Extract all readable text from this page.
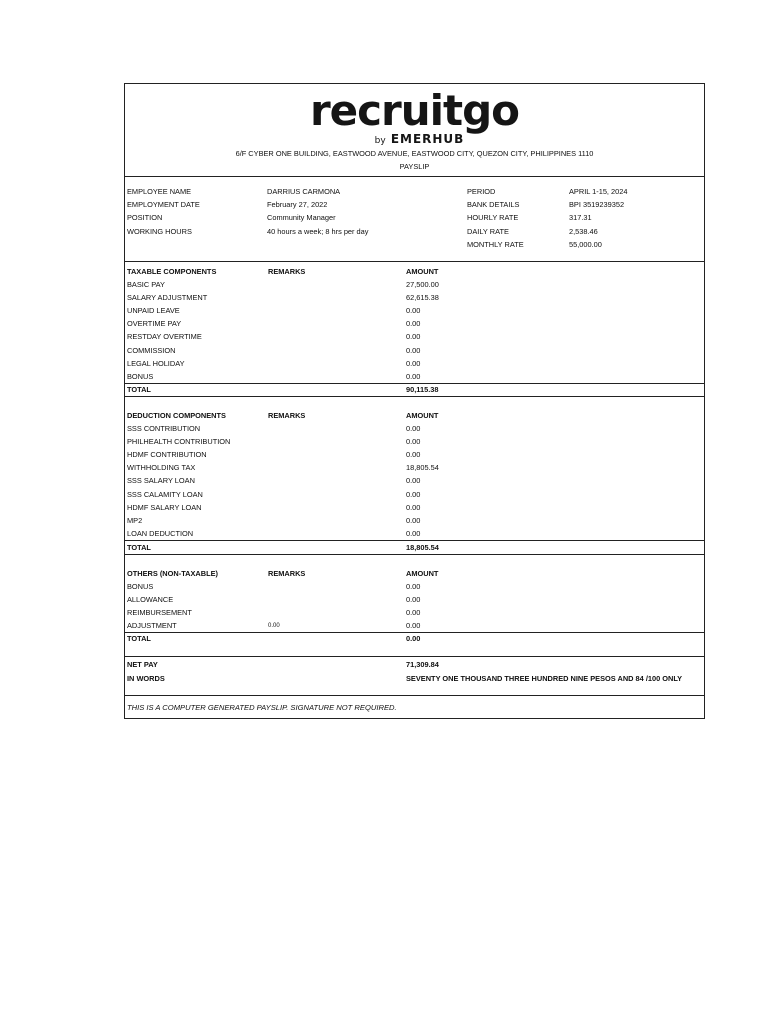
recruitgo
by EMERHUB
6/F CYBER ONE BUILDING, EASTWOOD AVENUE, EASTWOOD CITY, QUEZON CITY, PHILIPPINES 1110
PAYSLIP
EMPLOYEE NAME	DARRIUS CARMONA
EMPLOYMENT DATE	February 27, 2022
POSITION	Community Manager
WORKING HOURS	40 hours a week; 8 hrs per day
PERIOD	APRIL 1-15, 2024
BANK DETAILS	BPI 3519239352
HOURLY RATE	317.31
DAILY RATE	2,538.46
MONTHLY RATE	55,000.00
TAXABLE COMPONENTS	REMARKS	AMOUNT
BASIC PAY	27,500.00
SALARY ADJUSTMENT	62,615.38
UNPAID LEAVE	0.00
OVERTIME PAY	0.00
RESTDAY OVERTIME	0.00
COMMISSION	0.00
LEGAL HOLIDAY	0.00
BONUS	0.00
TOTAL	90,115.38
DEDUCTION COMPONENTS	REMARKS	AMOUNT
SSS CONTRIBUTION	0.00
PHILHEALTH CONTRIBUTION	0.00
HDMF CONTRIBUTION	0.00
WITHHOLDING TAX	18,805.54
SSS SALARY LOAN	0.00
SSS CALAMITY LOAN	0.00
HDMF SALARY LOAN	0.00
MP2	0.00
LOAN DEDUCTION	0.00
TOTAL	18,805.54
OTHERS (NON-TAXABLE)	REMARKS	AMOUNT
BONUS	0.00
ALLOWANCE	0.00
REIMBURSEMENT	0.00
ADJUSTMENT	0.00	0.00
TOTAL	0.00
NET PAY	71,309.84
IN WORDS	SEVENTY ONE THOUSAND THREE HUNDRED NINE PESOS AND 84 /100 ONLY
THIS IS A COMPUTER GENERATED PAYSLIP. SIGNATURE NOT REQUIRED.
